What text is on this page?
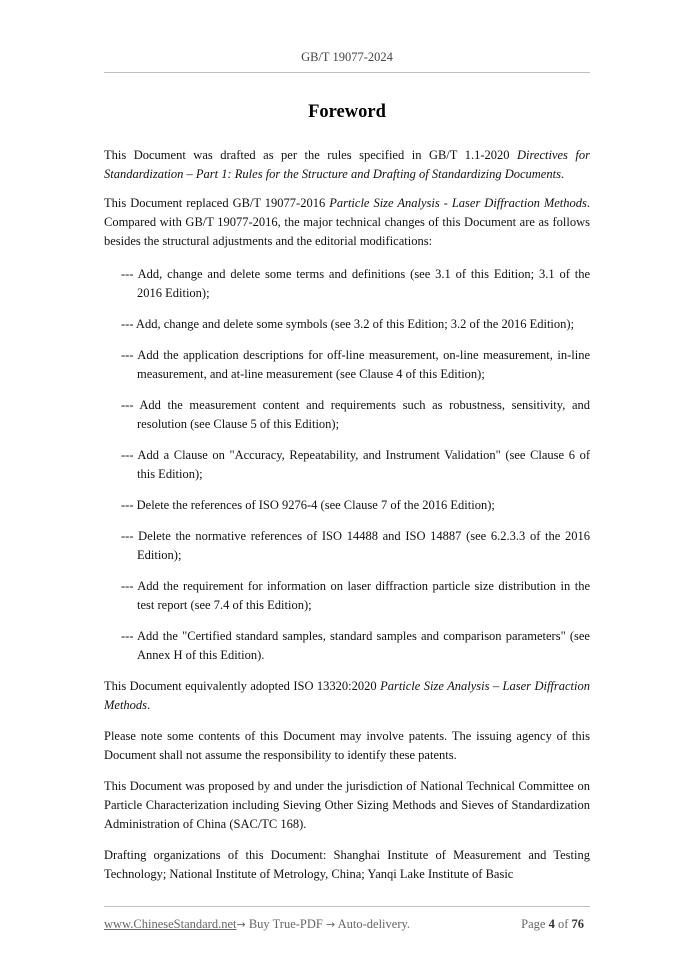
GB/T 19077-2024
Foreword

This Document was drafted as per the rules specified in GB/T 1.1-2020 Directives for Standardization – Part 1: Rules for the Structure and Drafting of Standardizing Documents.

This Document replaced GB/T 19077-2016 Particle Size Analysis - Laser Diffraction Methods. Compared with GB/T 19077-2016, the major technical changes of this Document are as follows besides the structural adjustments and the editorial modifications:

--- Add, change and delete some terms and definitions (see 3.1 of this Edition; 3.1 of the 2016 Edition);

--- Add, change and delete some symbols (see 3.2 of this Edition; 3.2 of the 2016 Edition);

--- Add the application descriptions for off-line measurement, on-line measurement, in-line measurement, and at-line measurement (see Clause 4 of this Edition);

--- Add the measurement content and requirements such as robustness, sensitivity, and resolution (see Clause 5 of this Edition);

--- Add a Clause on "Accuracy, Repeatability, and Instrument Validation" (see Clause 6 of this Edition);

--- Delete the references of ISO 9276-4 (see Clause 7 of the 2016 Edition);

--- Delete the normative references of ISO 14488 and ISO 14887 (see 6.2.3.3 of the 2016 Edition);

--- Add the requirement for information on laser diffraction particle size distribution in the test report (see 7.4 of this Edition);

--- Add the "Certified standard samples, standard samples and comparison parameters" (see Annex H of this Edition).

This Document equivalently adopted ISO 13320:2020 Particle Size Analysis – Laser Diffraction Methods.

Please note some contents of this Document may involve patents. The issuing agency of this Document shall not assume the responsibility to identify these patents.

This Document was proposed by and under the jurisdiction of National Technical Committee on Particle Characterization including Sieving Other Sizing Methods and Sieves of Standardization Administration of China (SAC/TC 168).

Drafting organizations of this Document: Shanghai Institute of Measurement and Testing Technology; National Institute of Metrology, China; Yanqi Lake Institute of Basic

www.ChineseStandard.net→ Buy True-PDF → Auto-delivery.	Page 4 of 76
